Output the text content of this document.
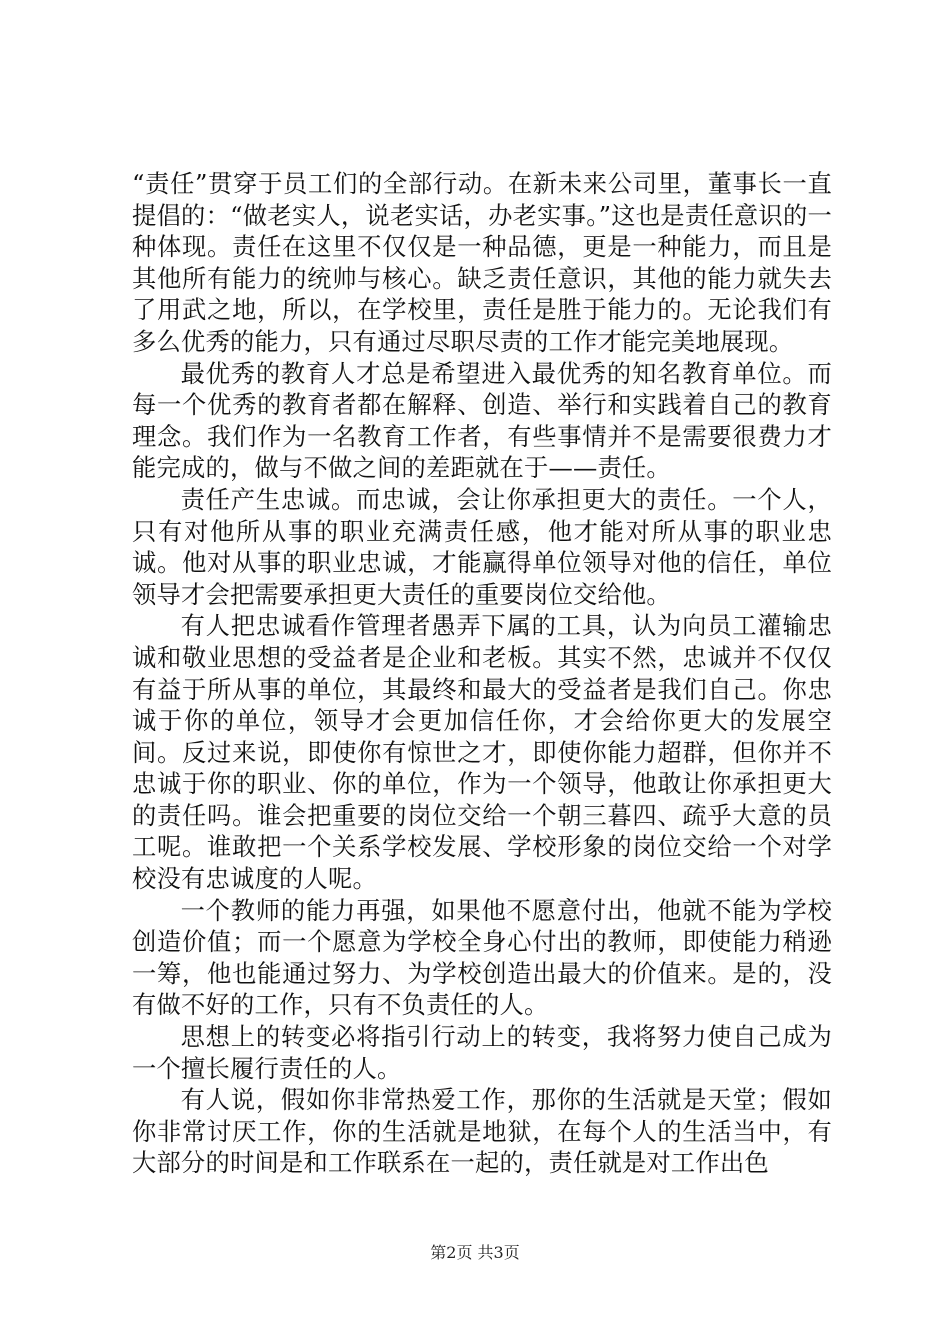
“责任”贯穿于员工们的全部行动。在新未来公司里，董事长一直提倡的：“做老实人，说老实话，办老实事。”这也是责任意识的一种体现。责任在这里不仅仅是一种品德，更是一种能力，而且是其他所有能力的统帅与核心。缺乏责任意识，其他的能力就失去了用武之地，所以，在学校里，责任是胜于能力的。无论我们有多么优秀的能力，只有通过尽职尽责的工作才能完美地展现。

最优秀的教育人才总是希望进入最优秀的知名教育单位。而每一个优秀的教育者都在解释、创造、举行和实践着自己的教育理念。我们作为一名教育工作者，有些事情并不是需要很费力才能完成的，做与不做之间的差距就在于——责任。

责任产生忠诚。而忠诚，会让你承担更大的责任。一个人，只有对他所从事的职业充满责任感，他才能对所从事的职业忠诚。他对从事的职业忠诚，才能赢得单位领导对他的信任，单位领导才会把需要承担更大责任的重要岗位交给他。

有人把忠诚看作管理者愚弄下属的工具，认为向员工灌输忠诚和敬业思想的受益者是企业和老板。其实不然，忠诚并不仅仅有益于所从事的单位，其最终和最大的受益者是我们自己。你忠诚于你的单位，领导才会更加信任你，才会给你更大的发展空间。反过来说，即使你有惊世之才，即使你能力超群，但你并不忠诚于你的职业、你的单位，作为一个领导，他敢让你承担更大的责任吗。谁会把重要的岗位交给一个朝三暮四、疏乎大意的员工呢。谁敢把一个关系学校发展、学校形象的岗位交给一个对学校没有忠诚度的人呢。

一个教师的能力再强，如果他不愿意付出，他就不能为学校创造价值；而一个愿意为学校全身心付出的教师，即使能力稍逊一筹，他也能通过努力、为学校创造出最大的价值来。是的，没有做不好的工作，只有不负责任的人。

思想上的转变必将指引行动上的转变，我将努力使自己成为一个擅长履行责任的人。

有人说，假如你非常热爱工作，那你的生活就是天堂；假如你非常讨厌工作，你的生活就是地狱，在每个人的生活当中，有大部分的时间是和工作联系在一起的，责任就是对工作出色

第2页 共3页
